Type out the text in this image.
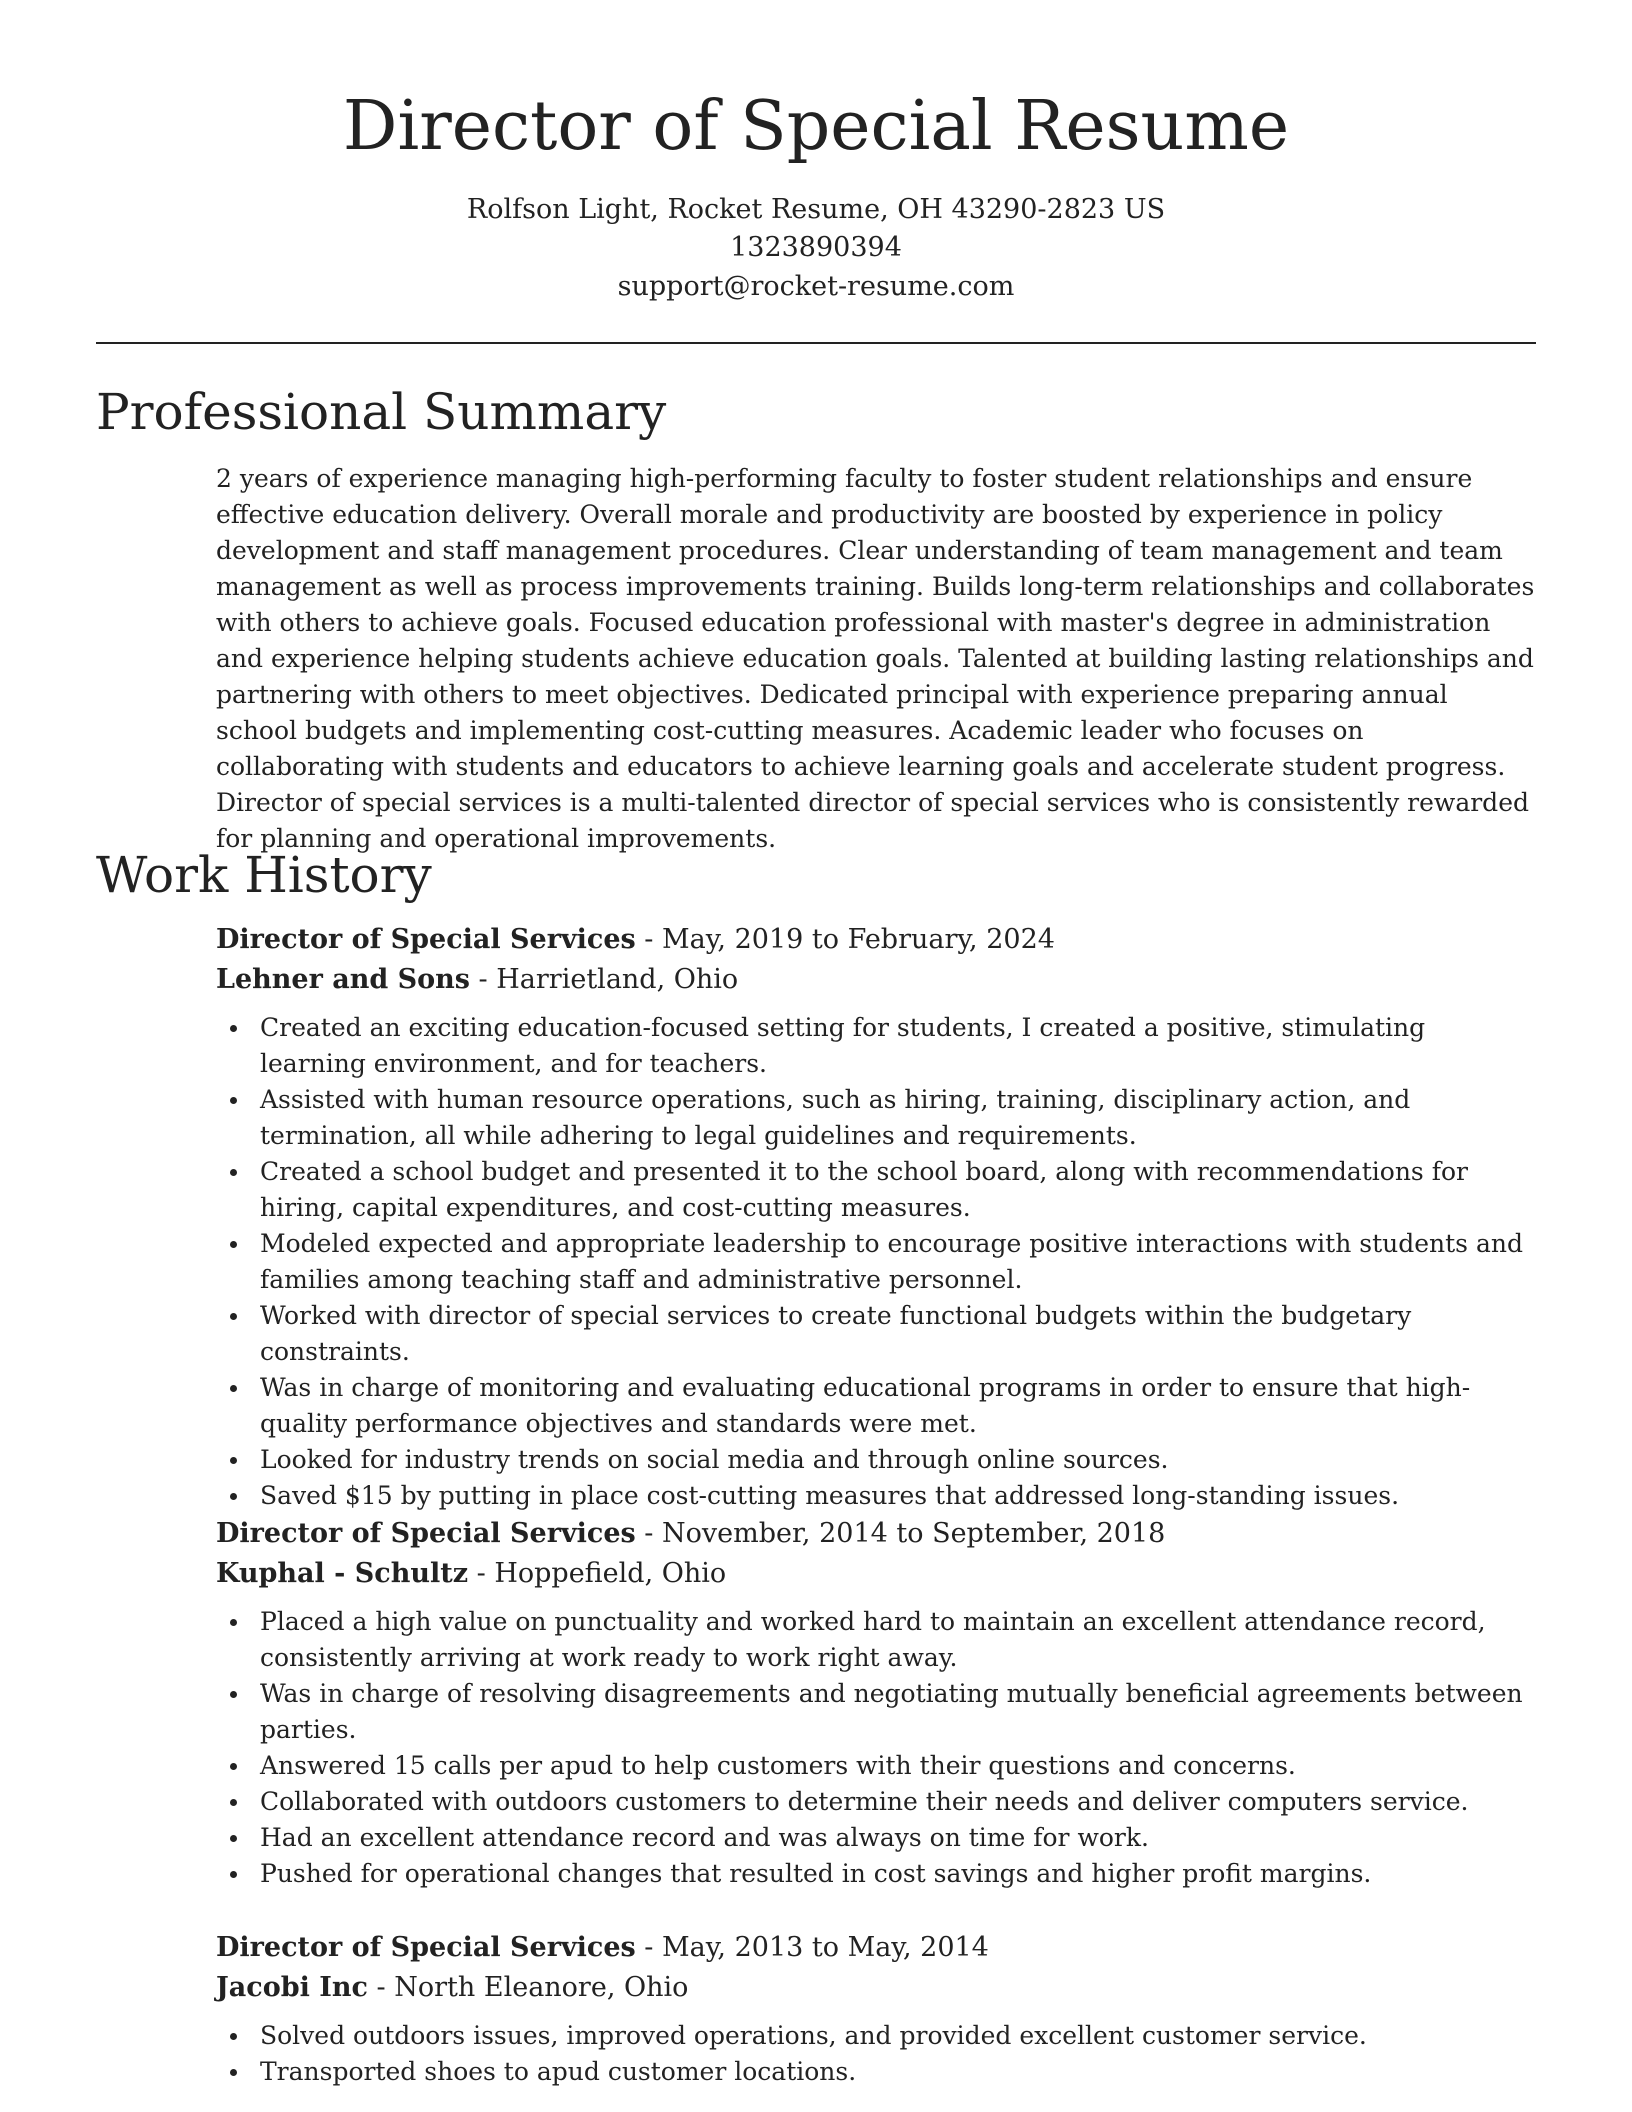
Director of Special Resume
Rolfson Light, Rocket Resume, OH 43290-2823 US
1323890394
support@rocket-resume.com
Professional Summary

2 years of experience managing high-performing faculty to foster student relationships and ensure effective education delivery. Overall morale and productivity are boosted by experience in policy development and staff management procedures. Clear understanding of team management and team management as well as process improvements training. Builds long-term relationships and collaborates with others to achieve goals. Focused education professional with master's degree in administration and experience helping students achieve education goals. Talented at building lasting relationships and partnering with others to meet objectives. Dedicated principal with experience preparing annual school budgets and implementing cost-cutting measures. Academic leader who focuses on collaborating with students and educators to achieve learning goals and accelerate student progress. Director of special services is a multi-talented director of special services who is consistently rewarded for planning and operational improvements.

Work History

Director of Special Services - May, 2019 to February, 2024

Lehner and Sons - Harrietland, Ohio

Created an exciting education-focused setting for students, I created a positive, stimulating learning environment, and for teachers.
Assisted with human resource operations, such as hiring, training, disciplinary action, and termination, all while adhering to legal guidelines and requirements.
Created a school budget and presented it to the school board, along with recommendations for hiring, capital expenditures, and cost-cutting measures.
Modeled expected and appropriate leadership to encourage positive interactions with students and families among teaching staff and administrative personnel.
Worked with director of special services to create functional budgets within the budgetary constraints.
Was in charge of monitoring and evaluating educational programs in order to ensure that high-quality performance objectives and standards were met.
Looked for industry trends on social media and through online sources.
Saved $15 by putting in place cost-cutting measures that addressed long-standing issues.

Director of Special Services - November, 2014 to September, 2018

Kuphal - Schultz - Hoppefield, Ohio

Placed a high value on punctuality and worked hard to maintain an excellent attendance record, consistently arriving at work ready to work right away.
Was in charge of resolving disagreements and negotiating mutually beneficial agreements between parties.
Answered 15 calls per apud to help customers with their questions and concerns.
Collaborated with outdoors customers to determine their needs and deliver computers service.
Had an excellent attendance record and was always on time for work.
Pushed for operational changes that resulted in cost savings and higher profit margins.

Director of Special Services - May, 2013 to May, 2014

Jacobi Inc - North Eleanore, Ohio

Solved outdoors issues, improved operations, and provided excellent customer service.
Transported shoes to apud customer locations.
